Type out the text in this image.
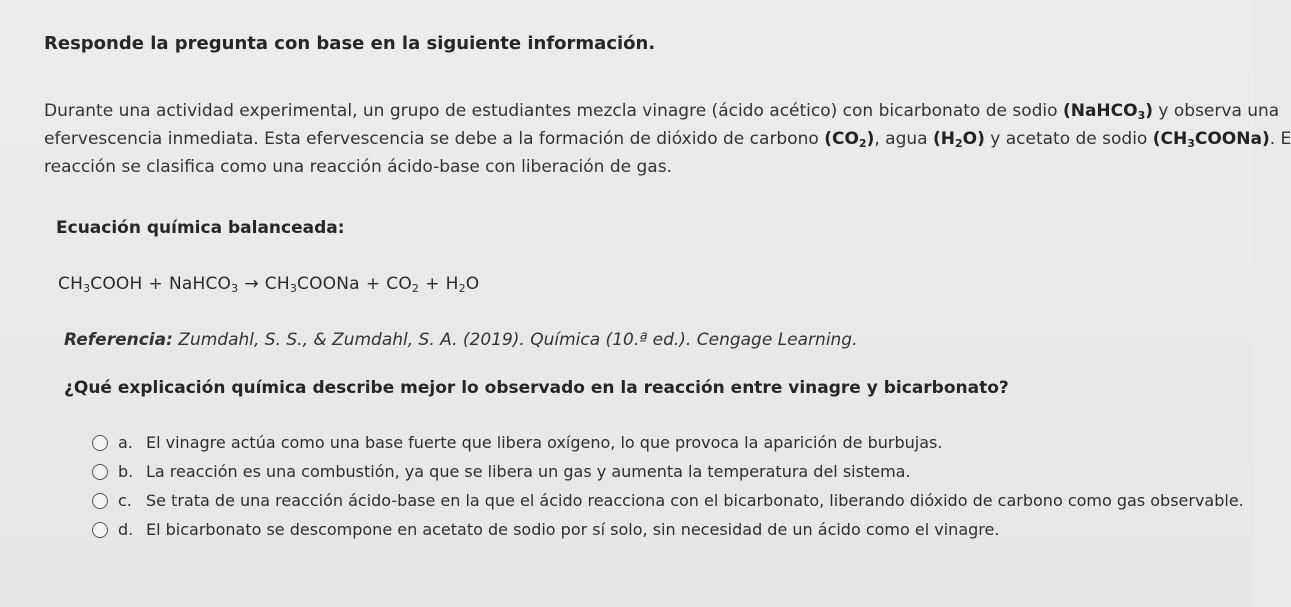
Responde la pregunta con base en la siguiente información.
Durante una actividad experimental, un grupo de estudiantes mezcla vinagre (ácido acético) con bicarbonato de sodio (NaHCO$_3$) y observa una
efervescencia inmediata. Esta efervescencia se debe a la formación de dióxido de carbono $(CO_2)$, agua $(H_2O)$ y acetato de sodio $(CH_3COONa)$. E
reacción se clasifica como una reacción ácido-base con liberación de gas.
Ecuación química balanceada:
$CH_3COOH$ + NaHCO$_3$ → $CH_3COONa + CO_2 + H_2O$
Referencia: Zumdahl, S. S., & Zumdahl, S. A. (2019). Química (10.ª ed.). Cengage Learning.
¿Qué explicación química describe mejor lo observado en la reacción entre vinagre y bicarbonato?
a. El vinagre actúa como una base fuerte que libera oxígeno, lo que provoca la aparición de burbujas.
b. La reacción es una combustión, ya que se libera un gas y aumenta la temperatura del sistema.
c. Se trata de una reacción ácido-base en la que el ácido reacciona con el bicarbonato, liberando dióxido de carbono como gas observable.
d. El bicarbonato se descompone en acetato de sodio por sí solo, sin necesidad de un ácido como el vinagre.
